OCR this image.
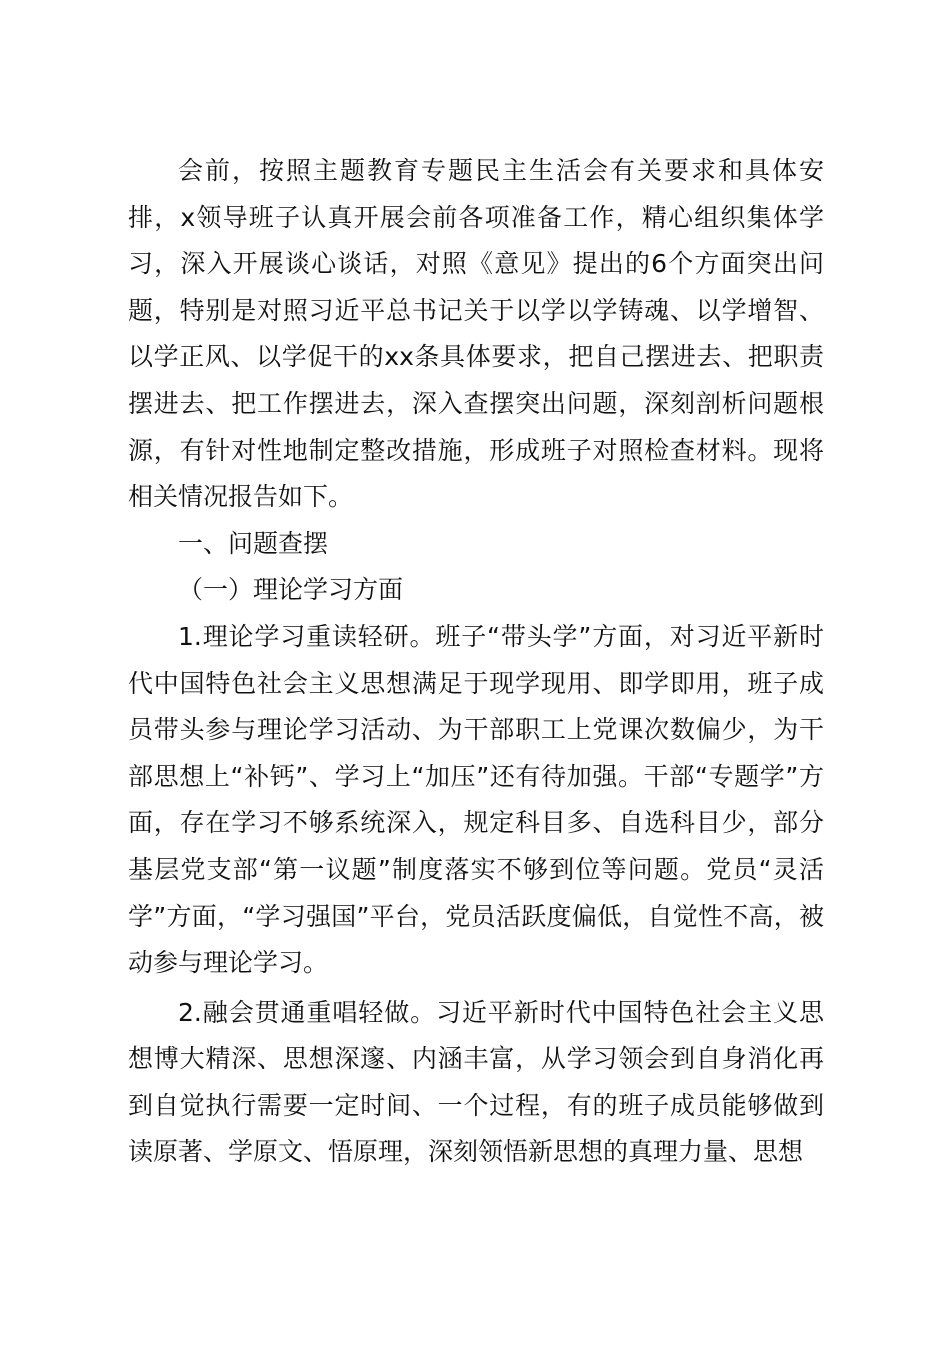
会前，按照主题教育专题民主生活会有关要求和具体安排，x领导班子认真开展会前各项准备工作，精心组织集体学习，深入开展谈心谈话，对照《意见》提出的6个方面突出问题，特别是对照习近平总书记关于以学以学铸魂、以学增智、以学正风、以学促干的xx条具体要求，把自己摆进去、把职责摆进去、把工作摆进去，深入查摆突出问题，深刻剖析问题根源，有针对性地制定整改措施，形成班子对照检查材料。现将相关情况报告如下。

一、问题查摆

（一）理论学习方面

1.理论学习重读轻研。班子“带头学”方面，对习近平新时代中国特色社会主义思想满足于现学现用、即学即用，班子成员带头参与理论学习活动、为干部职工上党课次数偏少，为干部思想上“补钙”、学习上“加压”还有待加强。干部“专题学”方面，存在学习不够系统深入，规定科目多、自选科目少，部分基层党支部“第一议题”制度落实不够到位等问题。党员“灵活学”方面，“学习强国”平台，党员活跃度偏低，自觉性不高，被动参与理论学习。

2.融会贯通重唱轻做。习近平新时代中国特色社会主义思想博大精深、思想深邃、内涵丰富，从学习领会到自身消化再到自觉执行需要一定时间、一个过程，有的班子成员能够做到读原著、学原文、悟原理，深刻领悟新思想的真理力量、思想
